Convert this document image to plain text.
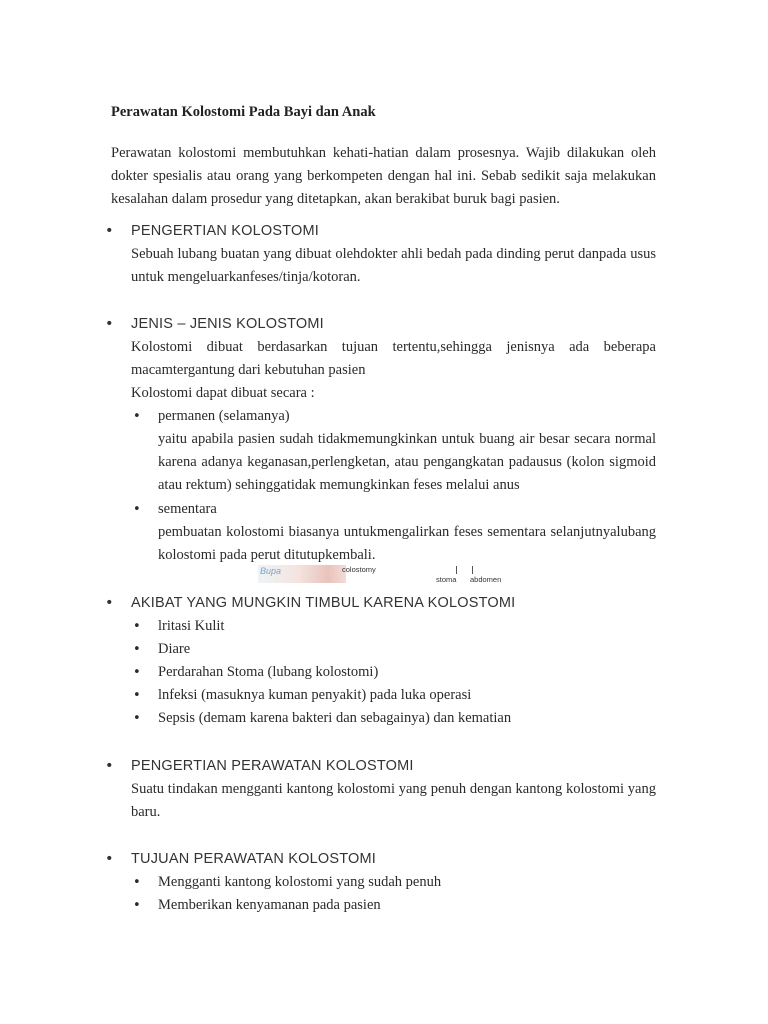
Perawatan Kolostomi Pada Bayi dan Anak
Perawatan kolostomi membutuhkan kehati-hatian dalam prosesnya. Wajib dilakukan oleh dokter spesialis atau orang yang berkompeten dengan hal ini. Sebab sedikit saja melakukan kesalahan dalam prosedur yang ditetapkan, akan berakibat buruk bagi pasien.
• PENGERTIAN KOLOSTOMI
Sebuah lubang buatan yang dibuat olehdokter ahli bedah pada dinding perut danpada usus untuk mengeluarkanfeses/tinja/kotoran.
• JENIS – JENIS KOLOSTOMI
Kolostomi dibuat berdasarkan tujuan tertentu,sehingga jenisnya ada beberapa macamtergantung dari kebutuhan pasien
Kolostomi dapat dibuat secara :
• permanen (selamanya)
yaitu apabila pasien sudah tidakmemungkinkan untuk buang air besar secara normal karena adanya keganasan,perlengketan, atau pengangkatan padausus (kolon sigmoid atau rektum) sehinggatidak memungkinkan feses melalui anus
• sementara
pembuatan kolostomi biasanya untukmengalirkan feses sementara selanjutnyalubang kolostomi pada perut ditutupkembali.
Bupa	colostomy
stoma abdomen
• AKIBAT YANG MUNGKIN TIMBUL KARENA KOLOSTOMI
• lritasi Kulit
• Diare
• Perdarahan Stoma (lubang kolostomi)
• lnfeksi (masuknya kuman penyakit) pada luka operasi
• Sepsis (demam karena bakteri dan sebagainya) dan kematian
• PENGERTIAN PERAWATAN KOLOSTOMI
Suatu tindakan mengganti kantong kolostomi yang penuh dengan kantong kolostomi yang baru.
• TUJUAN PERAWATAN KOLOSTOMI
• Mengganti kantong kolostomi yang sudah penuh
• Memberikan kenyamanan pada pasien
